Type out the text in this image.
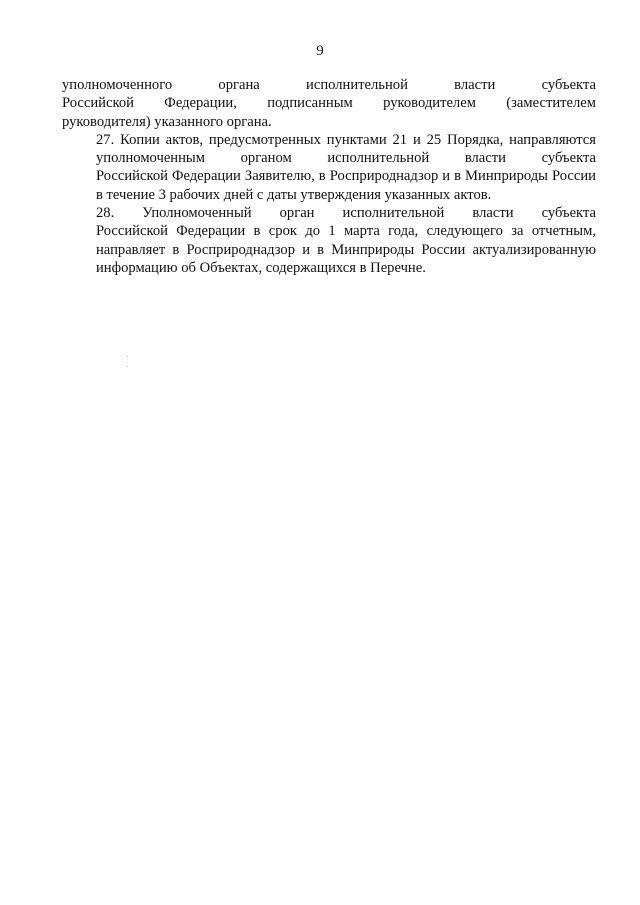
9

уполномоченного органа исполнительной власти субъекта
Российской Федерации, подписанным руководителем (заместителем
руководителя) указанного органа.

27. Копии актов, предусмотренных пунктами 21 и 25 Порядка, направляются
уполномоченным органом исполнительной власти субъекта
Российской Федерации Заявителю, в Росприроднадзор и в Минприроды России
в течение 3 рабочих дней с даты утверждения указанных актов.

28. Уполномоченный орган исполнительной власти субъекта
Российской Федерации в срок до 1 марта года, следующего за отчетным,
направляет в Росприроднадзор и в Минприроды России актуализированную
информацию об Объектах, содержащихся в Перечне.
